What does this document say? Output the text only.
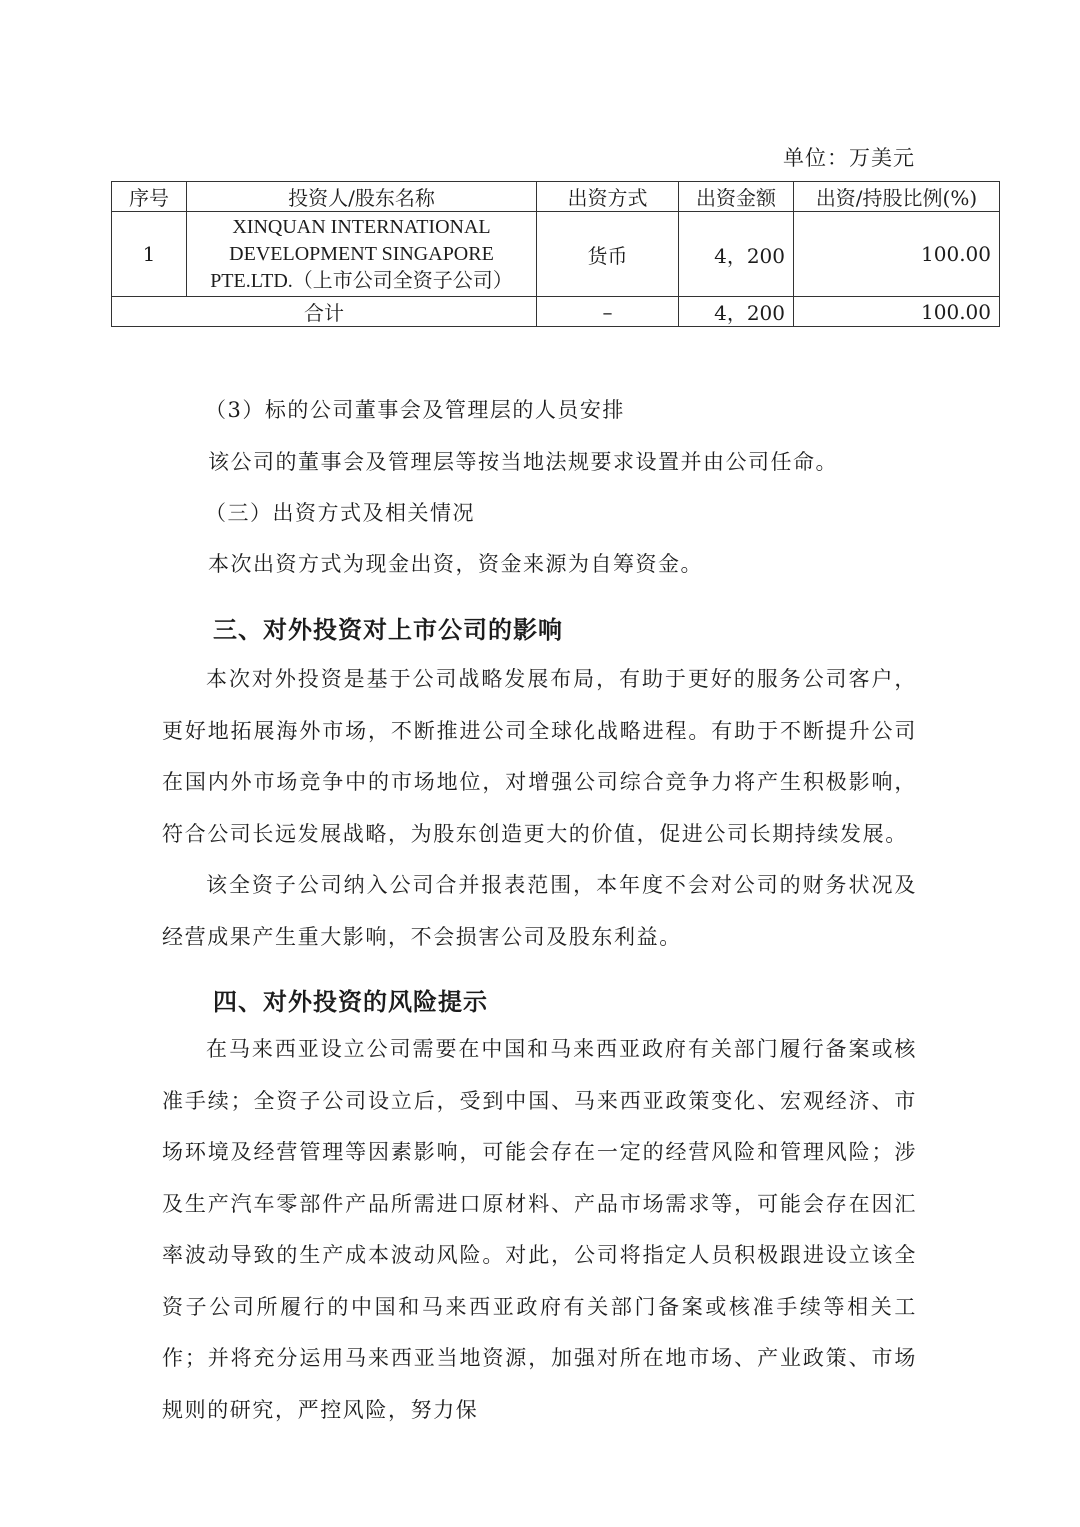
单位：万美元
序号	投资人/股东名称	出资方式	出资金额	出资/持股比例(%)
1	XINQUAN INTERNATIONAL
DEVELOPMENT SINGAPORE
PTE.LTD.（上市公司全资子公司）	货币	4，200	100.00
合计		–	4，200	100.00
（3）标的公司董事会及管理层的人员安排
该公司的董事会及管理层等按当地法规要求设置并由公司任命。
（三）出资方式及相关情况
本次出资方式为现金出资，资金来源为自筹资金。
三、对外投资对上市公司的影响
本次对外投资是基于公司战略发展布局，有助于更好的服务公司客户，更好地拓展海外市场，不断推进公司全球化战略进程。有助于不断提升公司在国内外市场竞争中的市场地位，对增强公司综合竞争力将产生积极影响，符合公司长远发展战略，为股东创造更大的价值，促进公司长期持续发展。
该全资子公司纳入公司合并报表范围，本年度不会对公司的财务状况及经营成果产生重大影响，不会损害公司及股东利益。
四、对外投资的风险提示
在马来西亚设立公司需要在中国和马来西亚政府有关部门履行备案或核准手续；全资子公司设立后，受到中国、马来西亚政策变化、宏观经济、市场环境及经营管理等因素影响，可能会存在一定的经营风险和管理风险；涉及生产汽车零部件产品所需进口原材料、产品市场需求等，可能会存在因汇率波动导致的生产成本波动风险。对此，公司将指定人员积极跟进设立该全资子公司所履行的中国和马来西亚政府有关部门备案或核准手续等相关工作；并将充分运用马来西亚当地资源，加强对所在地市场、产业政策、市场规则的研究，严控风险，努力保
